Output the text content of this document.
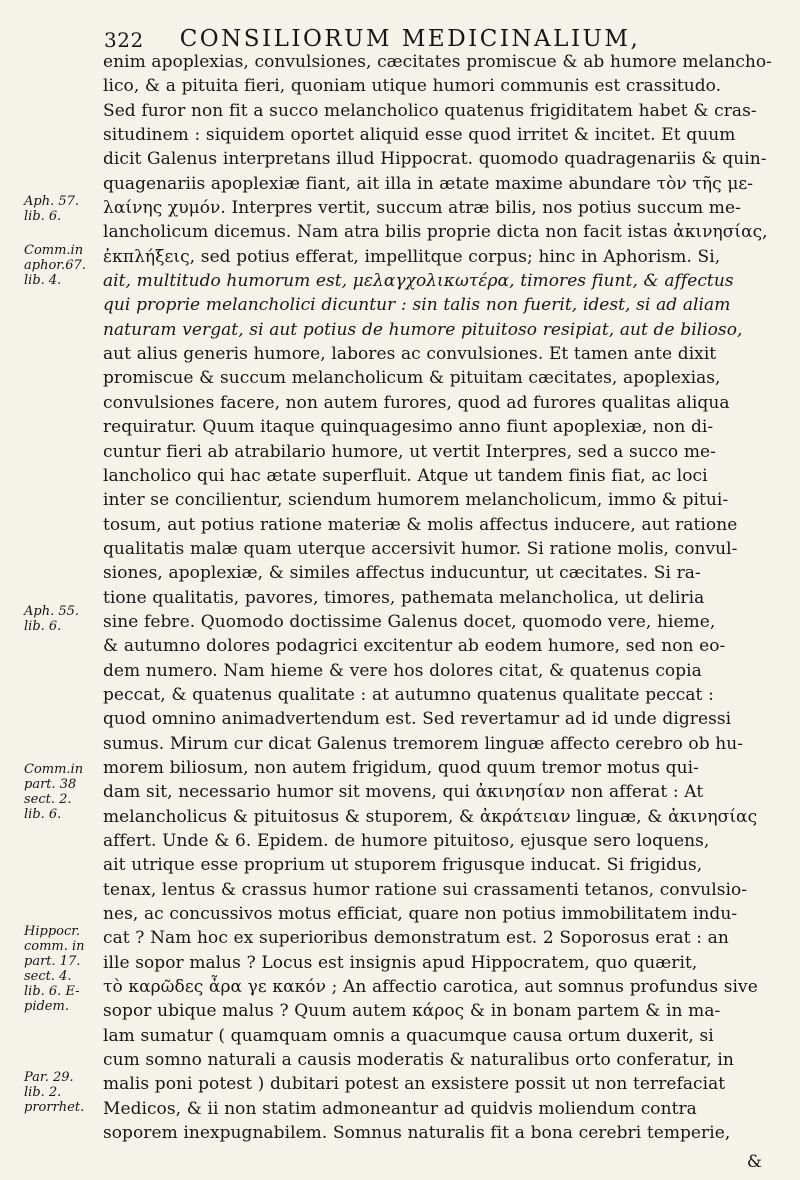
322 CONSILIORUM MEDICINALIUM,
Aph. 57.
lib. 6.
Comm.in
aphor.67.
lib. 4.
Aph. 55.
lib. 6.
Comm.in
part. 38
sect. 2.
lib. 6.
Hippocr.
comm. in
part. 17.
sect. 4.
lib. 6. E-
pidem.
Par. 29.
lib. 2.
prorrhet.
enim apoplexias, convulsiones, cæcitates promiscue & ab humore melancho-
lico, & a pituita fieri, quoniam utique humori communis est crassitudo.
Sed furor non fit a succo melancholico quatenus frigiditatem habet & cras-
situdinem : siquidem oportet aliquid esse quod irritet & incitet. Et quum
dicit Galenus interpretans illud Hippocrat. quomodo quadragenariis & quin-
quagenariis apoplexiæ fiant, ait illa in ætate maxime abundare τὸν τῆς με-
λαίνης χυμόν. Interpres vertit, succum atræ bilis, nos potius succum me-
lancholicum dicemus. Nam atra bilis proprie dicta non facit istas ἀκινησίας,
ἐκπλήξεις, sed potius efferat, impellitque corpus; hinc in Aphorism. Si,
ait, multitudo humorum est, μελαγχολικωτέρα, timores fiunt, & affectus
qui proprie melancholici dicuntur : sin talis non fuerit, idest, si ad aliam
naturam vergat, si aut potius de humore pituitoso resipiat, aut de bilioso,
aut alius generis humore, labores ac convulsiones. Et tamen ante dixit
promiscue & succum melancholicum & pituitam cæcitates, apoplexias,
convulsiones facere, non autem furores, quod ad furores qualitas aliqua
requiratur. Quum itaque quinquagesimo anno fiunt apoplexiæ, non di-
cuntur fieri ab atrabilario humore, ut vertit Interpres, sed a succo me-
lancholico qui hac ætate superfluit. Atque ut tandem finis fiat, ac loci
inter se concilientur, sciendum humorem melancholicum, immo & pitui-
tosum, aut potius ratione materiæ & molis affectus inducere, aut ratione
qualitatis malæ quam uterque accersivit humor. Si ratione molis, convul-
siones, apoplexiæ, & similes affectus inducuntur, ut cæcitates. Si ra-
tione qualitatis, pavores, timores, pathemata melancholica, ut deliria
sine febre. Quomodo doctissime Galenus docet, quomodo vere, hieme,
& autumno dolores podagrici excitentur ab eodem humore, sed non eo-
dem numero. Nam hieme & vere hos dolores citat, & quatenus copia
peccat, & quatenus qualitate : at autumno quatenus qualitate peccat :
quod omnino animadvertendum est. Sed revertamur ad id unde digressi
sumus. Mirum cur dicat Galenus tremorem linguæ affecto cerebro ob hu-
morem biliosum, non autem frigidum, quod quum tremor motus qui-
dam sit, necessario humor sit movens, qui ἀκινησίαν non afferat : At
melancholicus & pituitosus & stuporem, & ἀκράτειαν linguæ, & ἀκινησίας
affert. Unde & 6. Epidem. de humore pituitoso, ejusque sero loquens,
ait utrique esse proprium ut stuporem frigusque inducat. Si frigidus,
tenax, lentus & crassus humor ratione sui crassamenti tetanos, convulsio-
nes, ac concussivos motus efficiat, quare non potius immobilitatem indu-
cat ? Nam hoc ex superioribus demonstratum est. 2 Soporosus erat : an
ille sopor malus ? Locus est insignis apud Hippocratem, quo quærit,
τὸ καρῶδες ἆρα γε κακόν ; An affectio carotica, aut somnus profundus sive
sopor ubique malus ? Quum autem κάρος & in bonam partem & in ma-
lam sumatur ( quamquam omnis a quacumque causa ortum duxerit, si
cum somno naturali a causis moderatis & naturalibus orto conferatur, in
malis poni potest ) dubitari potest an exsistere possit ut non terrefaciat
Medicos, & ii non statim admoneantur ad quidvis moliendum contra
soporem inexpugnabilem. Somnus naturalis fit a bona cerebri temperie,
&
